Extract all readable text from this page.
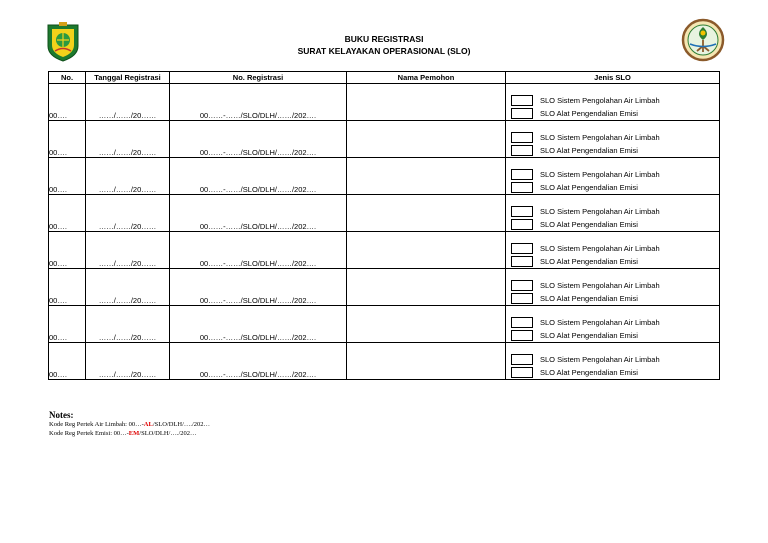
BUKU REGISTRASI
SURAT KELAYAKAN OPERASIONAL (SLO)
No.	Tanggal Registrasi	No. Registrasi	Nama Pemohon	Jenis SLO
00….	……/……/20……	00……-……/SLO/DLH/……/202….		SLO Sistem Pengolahan Air Limbah
SLO Alat Pengendalian Emisi

00….	……/……/20……	00……-……/SLO/DLH/……/202….		SLO Sistem Pengolahan Air Limbah
SLO Alat Pengendalian Emisi

00….	……/……/20……	00……-……/SLO/DLH/……/202….		SLO Sistem Pengolahan Air Limbah
SLO Alat Pengendalian Emisi

00….	……/……/20……	00……-……/SLO/DLH/……/202….		SLO Sistem Pengolahan Air Limbah
SLO Alat Pengendalian Emisi

00….	……/……/20……	00……-……/SLO/DLH/……/202….		SLO Sistem Pengolahan Air Limbah
SLO Alat Pengendalian Emisi

00….	……/……/20……	00……-……/SLO/DLH/……/202….		SLO Sistem Pengolahan Air Limbah
SLO Alat Pengendalian Emisi

00….	……/……/20……	00……-……/SLO/DLH/……/202….		SLO Sistem Pengolahan Air Limbah
SLO Alat Pengendalian Emisi

00….	……/……/20……	00……-……/SLO/DLH/……/202….		SLO Sistem Pengolahan Air Limbah
SLO Alat Pengendalian Emisi
Notes:
Kode Reg Pertek Air Limbah: 00…-AL/SLO/DLH/…./202…
Kode Reg Pertek Emisi: 00…-EM/SLO/DLH/…./202…
